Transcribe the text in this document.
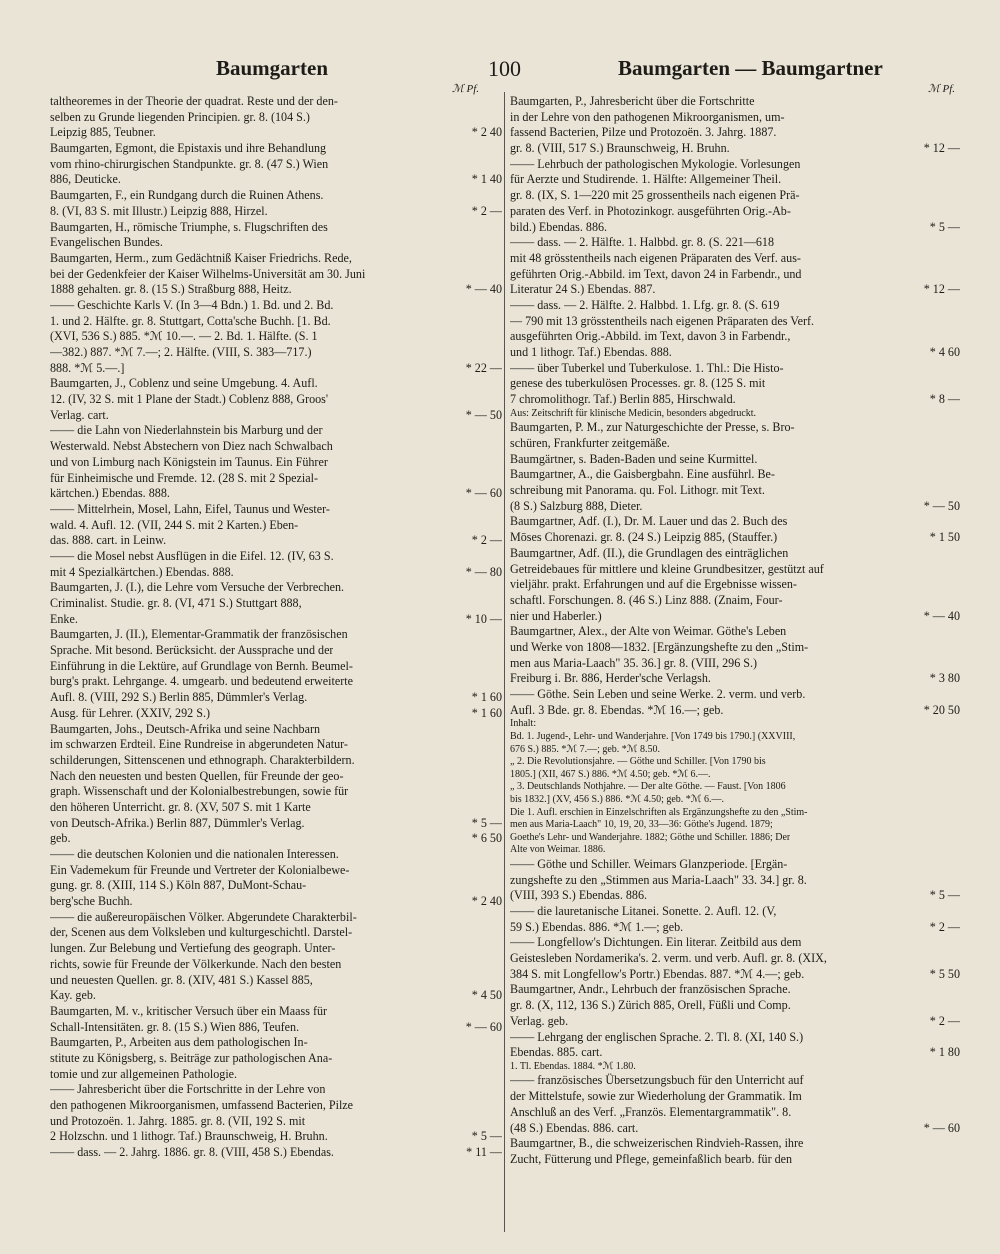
Baumgarten	100	Baumgarten — Baumgartner
ℳ Pf.	ℳ Pf.
taltheoremes in der Theorie der quadrat. Reste und der den-
selben zu Grunde liegenden Principien. gr. 8. (104 S.)
Leipzig 885, Teubner.	* 2 40
Baumgarten, Egmont, die Epistaxis und ihre Behandlung
vom rhino-chirurgischen Standpunkte. gr. 8. (47 S.) Wien
886, Deuticke.	* 1 40
Baumgarten, F., ein Rundgang durch die Ruinen Athens.
8. (VI, 83 S. mit Illustr.) Leipzig 888, Hirzel.	* 2 —
Baumgarten, H., römische Triumphe, s. Flugschriften des
Evangelischen Bundes.
Baumgarten, Herm., zum Gedächtniß Kaiser Friedrichs. Rede,
bei der Gedenkfeier der Kaiser Wilhelms-Universität am 30. Juni
1888 gehalten. gr. 8. (15 S.) Straßburg 888, Heitz.	* — 40
—— Geschichte Karls V. (In 3—4 Bdn.) 1. Bd. und 2. Bd.
1. und 2. Hälfte. gr. 8. Stuttgart, Cotta'sche Buchh. [1. Bd.
(XVI, 536 S.) 885. *ℳ 10.—. — 2. Bd. 1. Hälfte. (S. 1
—382.) 887. *ℳ 7.—; 2. Hälfte. (VIII, S. 383—717.)
888. *ℳ 5.—.]	* 22 —
Baumgarten, J., Coblenz und seine Umgebung. 4. Aufl.
12. (IV, 32 S. mit 1 Plane der Stadt.) Coblenz 888, Groos'
Verlag. cart.	* — 50
—— die Lahn von Niederlahnstein bis Marburg und der
Westerwald. Nebst Abstechern von Diez nach Schwalbach
und von Limburg nach Königstein im Taunus. Ein Führer
für Einheimische und Fremde. 12. (28 S. mit 2 Spezial-
kärtchen.) Ebendas. 888.	* — 60
—— Mittelrhein, Mosel, Lahn, Eifel, Taunus und Wester-
wald. 4. Aufl. 12. (VII, 244 S. mit 2 Karten.) Eben-
das. 888. cart. in Leinw.	* 2 —
—— die Mosel nebst Ausflügen in die Eifel. 12. (IV, 63 S.
mit 4 Spezialkärtchen.) Ebendas. 888.	* — 80
Baumgarten, J. (I.), die Lehre vom Versuche der Verbrechen.
Criminalist. Studie. gr. 8. (VI, 471 S.) Stuttgart 888,
Enke.	* 10 —
Baumgarten, J. (II.), Elementar-Grammatik der französischen
Sprache. Mit besond. Berücksicht. der Aussprache und der
Einführung in die Lektüre, auf Grundlage von Bernh. Beumel-
burg's prakt. Lehrgange. 4. umgearb. und bedeutend erweiterte
Aufl. 8. (VIII, 292 S.) Berlin 885, Dümmler's Verlag.	* 1 60
Ausg. für Lehrer. (XXIV, 292 S.)	* 1 60
Baumgarten, Johs., Deutsch-Afrika und seine Nachbarn
im schwarzen Erdteil. Eine Rundreise in abgerundeten Natur-
schilderungen, Sittenscenen und ethnograph. Charakterbildern.
Nach den neuesten und besten Quellen, für Freunde der geo-
graph. Wissenschaft und der Kolonialbestrebungen, sowie für
den höheren Unterricht. gr. 8. (XV, 507 S. mit 1 Karte
von Deutsch-Afrika.) Berlin 887, Dümmler's Verlag.	* 5 —
geb.	* 6 50
—— die deutschen Kolonien und die nationalen Interessen.
Ein Vademekum für Freunde und Vertreter der Kolonialbewe-
gung. gr. 8. (XIII, 114 S.) Köln 887, DuMont-Schau-
berg'sche Buchh.	* 2 40
—— die außereuropäischen Völker. Abgerundete Charakterbil-
der, Scenen aus dem Volksleben und kulturgeschichtl. Darstel-
lungen. Zur Belebung und Vertiefung des geograph. Unter-
richts, sowie für Freunde der Völkerkunde. Nach den besten
und neuesten Quellen. gr. 8. (XIV, 481 S.) Kassel 885,
Kay. geb.	* 4 50
Baumgarten, M. v., kritischer Versuch über ein Maass für
Schall-Intensitäten. gr. 8. (15 S.) Wien 886, Teufen.	* — 60
Baumgarten, P., Arbeiten aus dem pathologischen In-
stitute zu Königsberg, s. Beiträge zur pathologischen Ana-
tomie und zur allgemeinen Pathologie.
—— Jahresbericht über die Fortschritte in der Lehre von
den pathogenen Mikroorganismen, umfassend Bacterien, Pilze
und Protozoën. 1. Jahrg. 1885. gr. 8. (VII, 192 S. mit
2 Holzschn. und 1 lithogr. Taf.) Braunschweig, H. Bruhn.	* 5 —
—— dass. — 2. Jahrg. 1886. gr. 8. (VIII, 458 S.) Ebendas.	* 11 —
Baumgarten, P., Jahresbericht über die Fortschritte
in der Lehre von den pathogenen Mikroorganismen, um-
fassend Bacterien, Pilze und Protozoën. 3. Jahrg. 1887.
gr. 8. (VIII, 517 S.) Braunschweig, H. Bruhn.	* 12 —
—— Lehrbuch der pathologischen Mykologie. Vorlesungen
für Aerzte und Studirende. 1. Hälfte: Allgemeiner Theil.
gr. 8. (IX, S. 1—220 mit 25 grossentheils nach eigenen Prä-
paraten des Verf. in Photozinkogr. ausgeführten Orig.-Ab-
bild.) Ebendas. 886.	* 5 —
—— dass. — 2. Hälfte. 1. Halbbd. gr. 8. (S. 221—618
mit 48 grösstentheils nach eigenen Präparaten des Verf. aus-
geführten Orig.-Abbild. im Text, davon 24 in Farbendr., und
Literatur 24 S.) Ebendas. 887.	* 12 —
—— dass. — 2. Hälfte. 2. Halbbd. 1. Lfg. gr. 8. (S. 619
— 790 mit 13 grösstentheils nach eigenen Präparaten des Verf.
ausgeführten Orig.-Abbild. im Text, davon 3 in Farbendr.,
und 1 lithogr. Taf.) Ebendas. 888.	* 4 60
—— über Tuberkel und Tuberkulose. 1. Thl.: Die Histo-
genese des tuberkulösen Processes. gr. 8. (125 S. mit
7 chromolithogr. Taf.) Berlin 885, Hirschwald.	* 8 —
Aus: Zeitschrift für klinische Medicin, besonders abgedruckt.
Baumgarten, P. M., zur Naturgeschichte der Presse, s. Bro-
schüren, Frankfurter zeitgemäße.
Baumgärtner, s. Baden-Baden und seine Kurmittel.
Baumgartner, A., die Gaisbergbahn. Eine ausführl. Be-
schreibung mit Panorama. qu. Fol. Lithogr. mit Text.
(8 S.) Salzburg 888, Dieter.	* — 50
Baumgartner, Adf. (I.), Dr. M. Lauer und das 2. Buch des
Mōses Chorenazi. gr. 8. (24 S.) Leipzig 885, (Stauffer.)	* 1 50
Baumgartner, Adf. (II.), die Grundlagen des einträglichen
Getreidebaues für mittlere und kleine Grundbesitzer, gestützt auf
vieljähr. prakt. Erfahrungen und auf die Ergebnisse wissen-
schaftl. Forschungen. 8. (46 S.) Linz 888. (Znaim, Four-
nier und Haberler.)	* — 40
Baumgartner, Alex., der Alte von Weimar. Göthe's Leben
und Werke von 1808—1832. [Ergänzungshefte zu den „Stim-
men aus Maria-Laach" 35. 36.] gr. 8. (VIII, 296 S.)
Freiburg i. Br. 886, Herder'sche Verlagsh.	* 3 80
—— Göthe. Sein Leben und seine Werke. 2. verm. und verb.
Aufl. 3 Bde. gr. 8. Ebendas. *ℳ 16.—; geb.	* 20 50
Inhalt:
Bd. 1. Jugend-, Lehr- und Wanderjahre. [Von 1749 bis 1790.] (XXVIII,
676 S.) 885. *ℳ 7.—; geb. *ℳ 8.50.
„ 2. Die Revolutionsjahre. — Göthe und Schiller. [Von 1790 bis
1805.] (XII, 467 S.) 886. *ℳ 4.50; geb. *ℳ 6.—.
„ 3. Deutschlands Nothjahre. — Der alte Göthe. — Faust. [Von 1806
bis 1832.] (XV, 456 S.) 886. *ℳ 4.50; geb. *ℳ 6.—.
Die 1. Aufl. erschien in Einzelschriften als Ergänzungshefte zu den „Stim-
men aus Maria-Laach" 10, 19, 20, 33—36: Göthe's Jugend. 1879;
Goethe's Lehr- und Wanderjahre. 1882; Göthe und Schiller. 1886; Der
Alte von Weimar. 1886.
—— Göthe und Schiller. Weimars Glanzperiode. [Ergän-
zungshefte zu den „Stimmen aus Maria-Laach" 33. 34.] gr. 8.
(VIII, 393 S.) Ebendas. 886.	* 5 —
—— die lauretanische Litanei. Sonette. 2. Aufl. 12. (V,
59 S.) Ebendas. 886. *ℳ 1.—; geb.	* 2 —
—— Longfellow's Dichtungen. Ein literar. Zeitbild aus dem
Geistesleben Nordamerika's. 2. verm. und verb. Aufl. gr. 8. (XIX,
384 S. mit Longfellow's Portr.) Ebendas. 887. *ℳ 4.—; geb.	* 5 50
Baumgartner, Andr., Lehrbuch der französischen Sprache.
gr. 8. (X, 112, 136 S.) Zürich 885, Orell, Füßli und Comp.
Verlag. geb.	* 2 —
—— Lehrgang der englischen Sprache. 2. Tl. 8. (XI, 140 S.)
Ebendas. 885. cart.	* 1 80
1. Tl. Ebendas. 1884. *ℳ 1.80.
—— französisches Übersetzungsbuch für den Unterricht auf
der Mittelstufe, sowie zur Wiederholung der Grammatik. Im
Anschluß an des Verf. „Französ. Elementargrammatik". 8.
(48 S.) Ebendas. 886. cart.	* — 60
Baumgartner, B., die schweizerischen Rindvieh-Rassen, ihre
Zucht, Fütterung und Pflege, gemeinfaßlich bearb. für den
